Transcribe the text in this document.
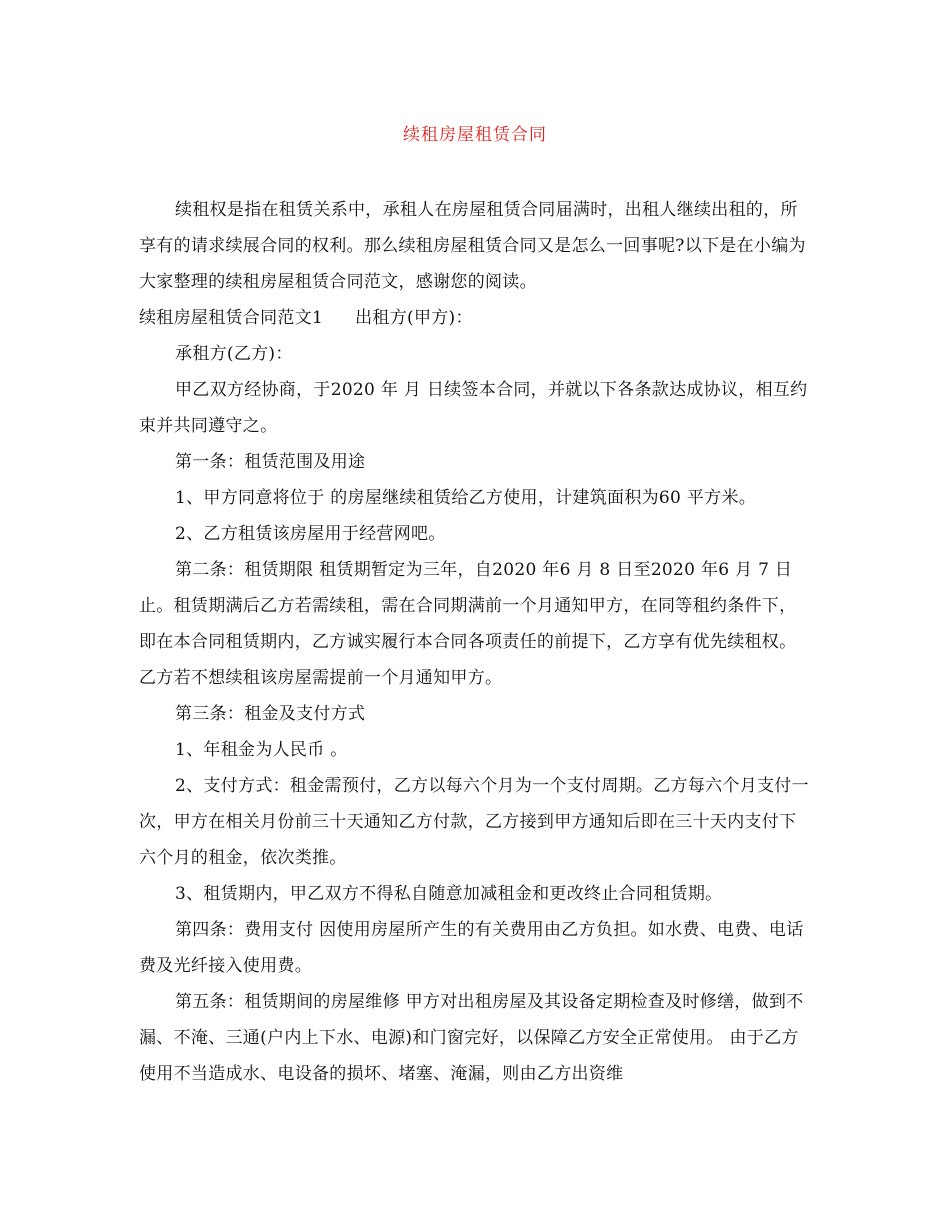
续租房屋租赁合同

续租权是指在租赁关系中，承租人在房屋租赁合同届满时，出租人继续出租的，所享有的请求续展合同的权利。那么续租房屋租赁合同又是怎么一回事呢?以下是在小编为大家整理的续租房屋租赁合同范文，感谢您的阅读。

续租房屋租赁合同范文1 出租方(甲方)：

承租方(乙方)：

甲乙双方经协商，于2020 年 月 日续签本合同，并就以下各条款达成协议，相互约束并共同遵守之。

第一条：租赁范围及用途

1、甲方同意将位于 的房屋继续租赁给乙方使用，计建筑面积为60 平方米。

2、乙方租赁该房屋用于经营网吧。

第二条：租赁期限 租赁期暂定为三年，自2020 年6 月 8 日至2020 年6 月 7 日止。租赁期满后乙方若需续租，需在合同期满前一个月通知甲方，在同等租约条件下，即在本合同租赁期内，乙方诚实履行本合同各项责任的前提下，乙方享有优先续租权。乙方若不想续租该房屋需提前一个月通知甲方。

第三条：租金及支付方式

1、年租金为人民币 。

2、支付方式：租金需预付，乙方以每六个月为一个支付周期。乙方每六个月支付一次，甲方在相关月份前三十天通知乙方付款，乙方接到甲方通知后即在三十天内支付下六个月的租金，依次类推。

3、租赁期内，甲乙双方不得私自随意加减租金和更改终止合同租赁期。

第四条：费用支付 因使用房屋所产生的有关费用由乙方负担。如水费、电费、电话费及光纤接入使用费。

第五条：租赁期间的房屋维修 甲方对出租房屋及其设备定期检查及时修缮，做到不漏、不淹、三通(户内上下水、电源)和门窗完好，以保障乙方安全正常使用。 由于乙方使用不当造成水、电设备的损坏、堵塞、淹漏，则由乙方出资维
